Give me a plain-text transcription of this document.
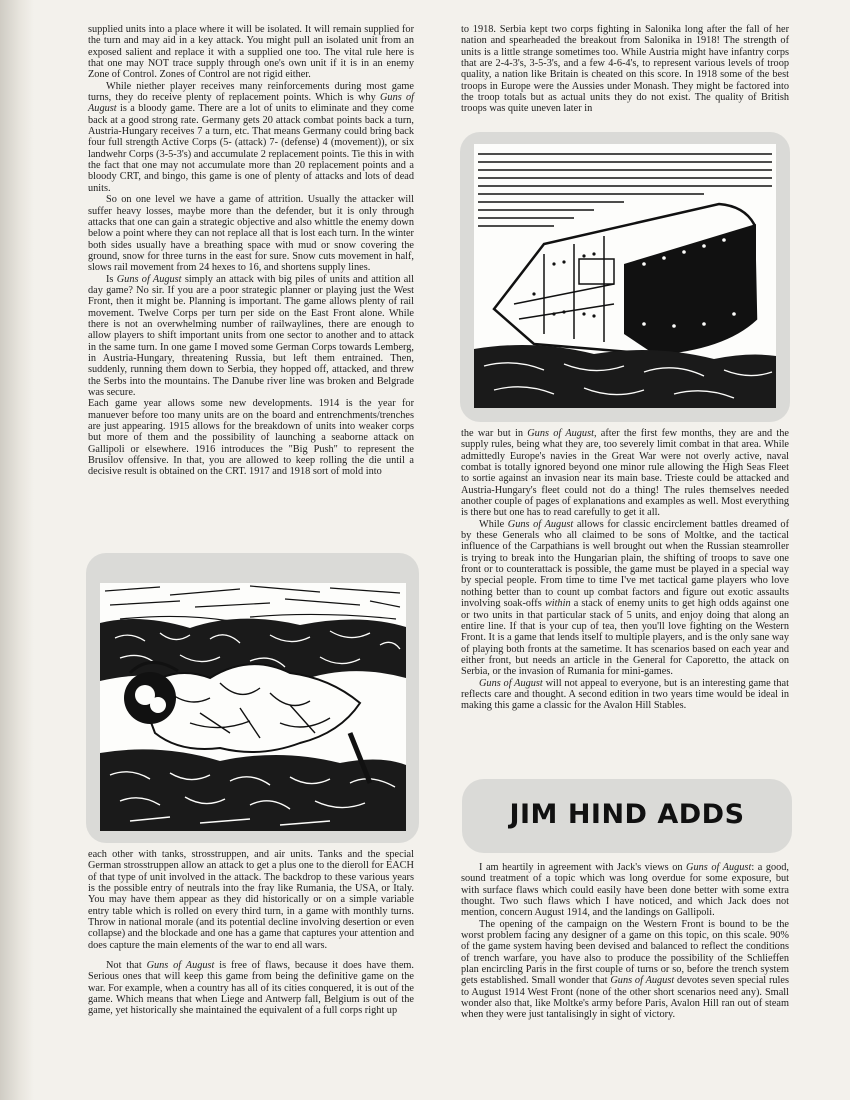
supplied units into a place where it will be isolated. It will remain supplied for the turn and may aid in a key attack. You might pull an isolated unit from an exposed salient and replace it with a supplied one too. The vital rule here is that one may NOT trace supply through one's own unit if it is in an enemy Zone of Control. Zones of Control are not rigid either.

While niether player receives many reinforcements during most game turns, they do receive plenty of replacement points. Which is why Guns of August is a bloody game. There are a lot of units to eliminate and they come back at a good strong rate. Germany gets 20 attack combat points back a turn, Austria-Hungary receives 7 a turn, etc. That means Germany could bring back four full strength Active Corps (5- (attack) 7- (defense) 4 (movement)), or six landwehr Corps (3-5-3's) and accumulate 2 replacement points. Tie this in with the fact that one may not accumulate more than 20 replacement points and a bloody CRT, and bingo, this game is one of plenty of attacks and lots of dead units.

So on one level we have a game of attrition. Usually the attacker will suffer heavy losses, maybe more than the defender, but it is only through attacks that one can gain a strategic objective and also whittle the enemy down below a point where they can not replace all that is lost each turn. In the winter both sides usually have a breathing space with mud or snow covering the ground, snow for three turns in the east for sure. Snow cuts movement in half, slows rail movement from 24 hexes to 16, and shortens supply lines.

Is Guns of August simply an attack with big piles of units and attition all day game? No sir. If you are a poor strategic planner or playing just the West Front, then it might be. Planning is important. The game allows plenty of rail movement. Twelve Corps per turn per side on the East Front alone. While there is not an overwhelming number of railwaylines, there are enough to allow players to shift important units from one sector to another and to attack in the same turn. In one game I moved some German Corps towards Lemberg, in Austria-Hungary, threatening Russia, but left them entrained. Then, suddenly, running them down to Serbia, they hopped off, attacked, and threw the Serbs into the mountains. The Danube river line was broken and Belgrade was secure.

Each game year allows some new developments. 1914 is the year for manuever before too many units are on the board and entrenchments/trenches are just appearing. 1915 allows for the breakdown of units into weaker corps but more of them and the possibility of launching a seaborne attack on Gallipoli or elsewhere. 1916 introduces the "Big Push" to represent the Brusilov offensive. In that, you are allowed to keep rolling the die until a decisive result is obtained on the CRT. 1917 and 1918 sort of mold into

each other with tanks, strosstruppen, and air units. Tanks and the special German strosstruppen allow an attack to get a plus one to the dieroll for EACH of that type of unit involved in the attack. The backdrop to these various years is the possible entry of neutrals into the fray like Rumania, the USA, or Italy. You may have them appear as they did historically or on a simple variable entry table which is rolled on every third turn, in a game with monthly turns. Throw in national morale (and its potential decline involving desertion or even collapse) and the blockade and one has a game that captures your attention and does capture the main elements of the war to end all wars.

Not that Guns of August is free of flaws, because it does have them. Serious ones that will keep this game from being the definitive game on the war. For example, when a country has all of its cities conquered, it is out of the game. Which means that when Liege and Antwerp fall, Belgium is out of the game, yet historically she maintained the equivalent of a full corps right up

to 1918. Serbia kept two corps fighting in Salonika long after the fall of her nation and spearheaded the breakout from Salonika in 1918! The strength of units is a little strange sometimes too. While Austria might have infantry corps that are 2-4-3's, 3-5-3's, and a few 4-6-4's, to represent various levels of troop quality, a nation like Britain is cheated on this score. In 1918 some of the best troops in Europe were the Aussies under Monash. They might be factored into the troop totals but as actual units they do not exist. The quality of British troops was quite uneven later in

the war but in Guns of August, after the first few months, they are and the supply rules, being what they are, too severely limit combat in that area. While admittedly Europe's navies in the Great War were not overly active, naval combat is totally ignored beyond one minor rule allowing the High Seas Fleet to sortie against an invasion near its main base. Trieste could be attacked and Austria-Hungary's fleet could not do a thing! The rules themselves needed another couple of pages of explanations and examples as well. Most everything is there but one has to read carefully to get it all.

While Guns of August allows for classic encirclement battles dreamed of by these Generals who all claimed to be sons of Moltke, and the tactical influence of the Carpathians is well brought out when the Russian steamroller is trying to break into the Hungarian plain, the shifting of troops to save one front or to counterattack is possible, the game must be played in a special way by special people. From time to time I've met tactical game players who love nothing better than to count up combat factors and figure out exotic assaults involving soak-offs within a stack of enemy units to get high odds against one or two units in that particular stack of 5 units, and enjoy doing that along an entire line. If that is your cup of tea, then you'll love fighting on the Western Front. It is a game that lends itself to multiple players, and is the only sane way of playing both fronts at the sametime. It has scenarios based on each year and either front, but needs an article in the General for Caporetto, the attack on Serbia, or the invasion of Rumania for mini-games.

Guns of August will not appeal to everyone, but is an interesting game that reflects care and thought. A second edition in two years time would be ideal in making this game a classic for the Avalon Hill Stables.

JIM HIND ADDS

I am heartily in agreement with Jack's views on Guns of August: a good, sound treatment of a topic which was long overdue for some exposure, but with surface flaws which could easily have been done better with some extra thought. Two such flaws which I have noticed, and which Jack does not mention, concern August 1914, and the landings on Gallipoli.

The opening of the campaign on the Western Front is bound to be the worst problem facing any designer of a game on this topic, on this scale. 90% of the game system having been devised and balanced to reflect the conditions of trench warfare, you have also to produce the possibility of the Schlieffen plan encircling Paris in the first couple of turns or so, before the trench system gets established. Small wonder that Guns of August devotes seven special rules to August 1914 West Front (none of the other short scenarios need any). Small wonder also that, like Moltke's army before Paris, Avalon Hill ran out of steam when they were just tantalisingly in sight of victory.
